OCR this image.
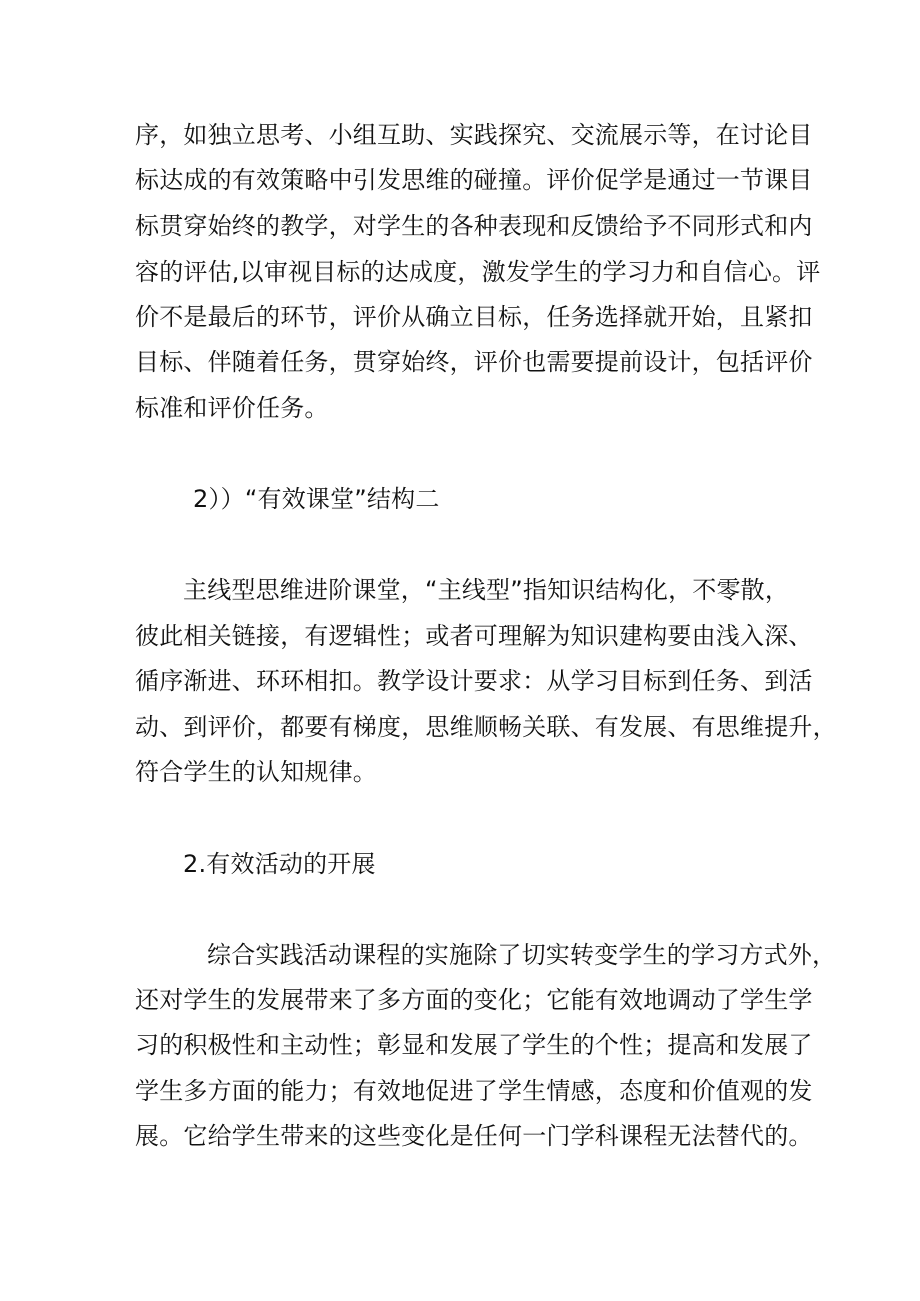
序，如独立思考、小组互助、实践探究、交流展示等，在讨论目
标达成的有效策略中引发思维的碰撞。评价促学是通过一节课目
标贯穿始终的教学，对学生的各种表现和反馈给予不同形式和内
容的评估,以审视目标的达成度，激发学生的学习力和自信心。评
价不是最后的环节，评价从确立目标，任务选择就开始，且紧扣
目标、伴随着任务，贯穿始终，评价也需要提前设计，包括评价
标准和评价任务。
2））“有效课堂”结构二
主线型思维进阶课堂，“主线型”指知识结构化，不零散，
彼此相关链接，有逻辑性；或者可理解为知识建构要由浅入深、
循序渐进、环环相扣。教学设计要求：从学习目标到任务、到活
动、到评价，都要有梯度，思维顺畅关联、有发展、有思维提升，
符合学生的认知规律。
2.有效活动的开展
综合实践活动课程的实施除了切实转变学生的学习方式外，
还对学生的发展带来了多方面的变化；它能有效地调动了学生学
习的积极性和主动性；彰显和发展了学生的个性；提高和发展了
学生多方面的能力；有效地促进了学生情感，态度和价值观的发
展。它给学生带来的这些变化是任何一门学科课程无法替代的。
